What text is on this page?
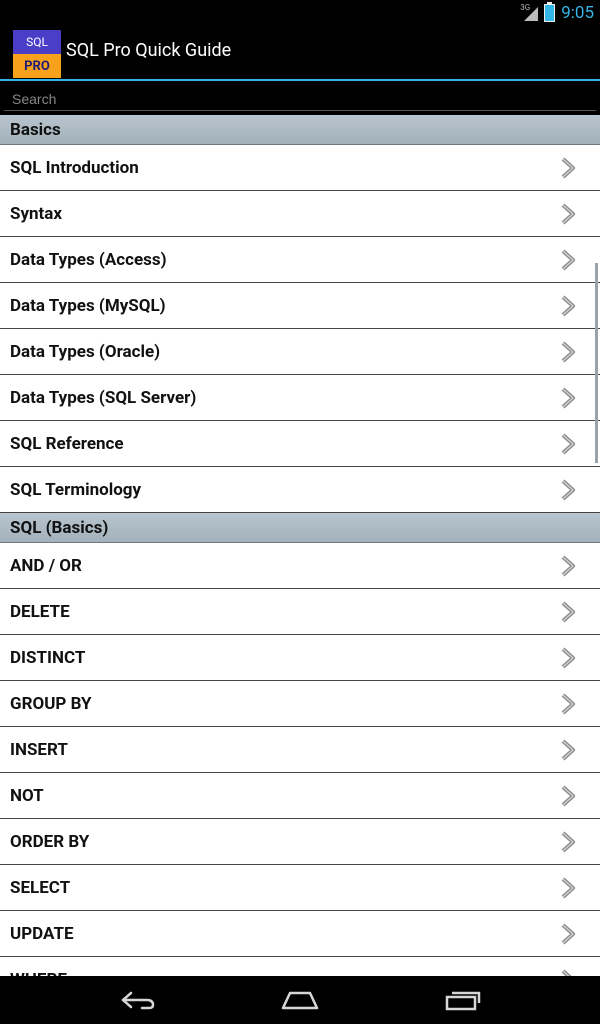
3G 9:05
SQL
PRO
SQL Pro Quick Guide
Search
Basics
SQL Introduction
Syntax
Data Types (Access)
Data Types (MySQL)
Data Types (Oracle)
Data Types (SQL Server)
SQL Reference
SQL Terminology
SQL (Basics)
AND / OR
DELETE
DISTINCT
GROUP BY
INSERT
NOT
ORDER BY
SELECT
UPDATE
